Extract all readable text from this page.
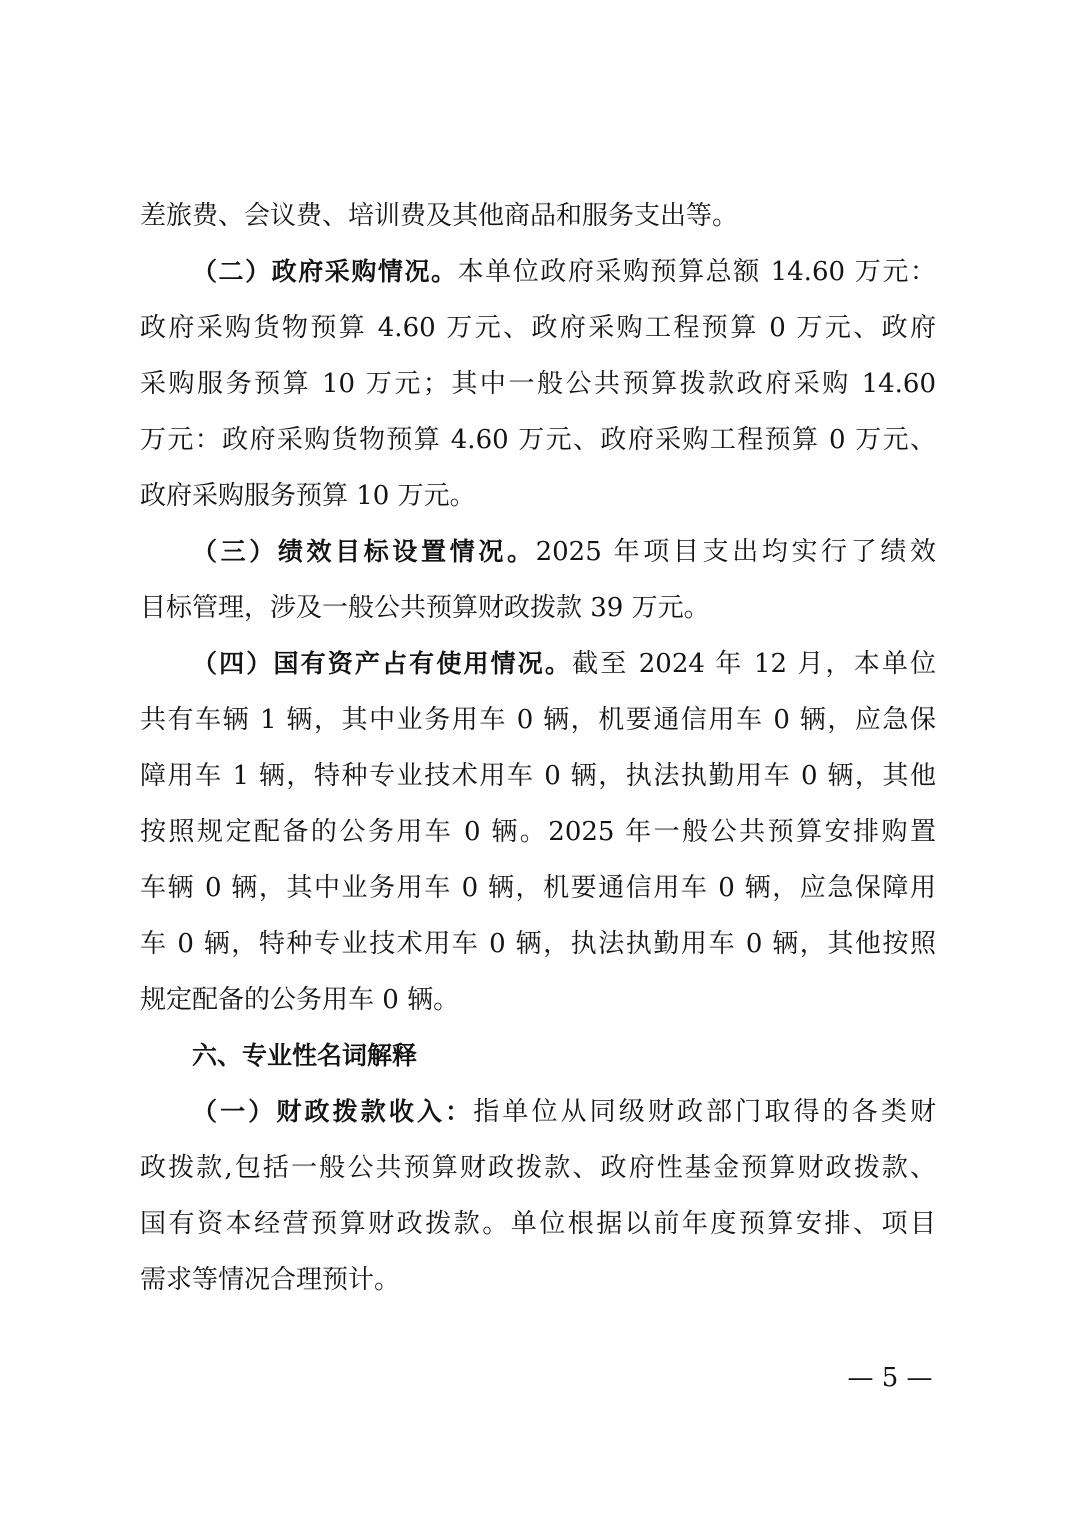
差旅费、会议费、培训费及其他商品和服务支出等。
（二）政府采购情况。本单位政府采购预算总额 14.60 万元：
政府采购货物预算 4.60 万元、政府采购工程预算 0 万元、政府
采购服务预算 10 万元；其中一般公共预算拨款政府采购 14.60
万元：政府采购货物预算 4.60 万元、政府采购工程预算 0 万元、
政府采购服务预算 10 万元。
（三）绩效目标设置情况。2025 年项目支出均实行了绩效
目标管理，涉及一般公共预算财政拨款 39 万元。
（四）国有资产占有使用情况。截至 2024 年 12 月，本单位
共有车辆 1 辆，其中业务用车 0 辆，机要通信用车 0 辆，应急保
障用车 1 辆，特种专业技术用车 0 辆，执法执勤用车 0 辆，其他
按照规定配备的公务用车 0 辆。2025 年一般公共预算安排购置
车辆 0 辆，其中业务用车 0 辆，机要通信用车 0 辆，应急保障用
车 0 辆，特种专业技术用车 0 辆，执法执勤用车 0 辆，其他按照
规定配备的公务用车 0 辆。
六、专业性名词解释
（一）财政拨款收入：指单位从同级财政部门取得的各类财
政拨款,包括一般公共预算财政拨款、政府性基金预算财政拨款、
国有资本经营预算财政拨款。单位根据以前年度预算安排、项目
需求等情况合理预计。
— 5 —
